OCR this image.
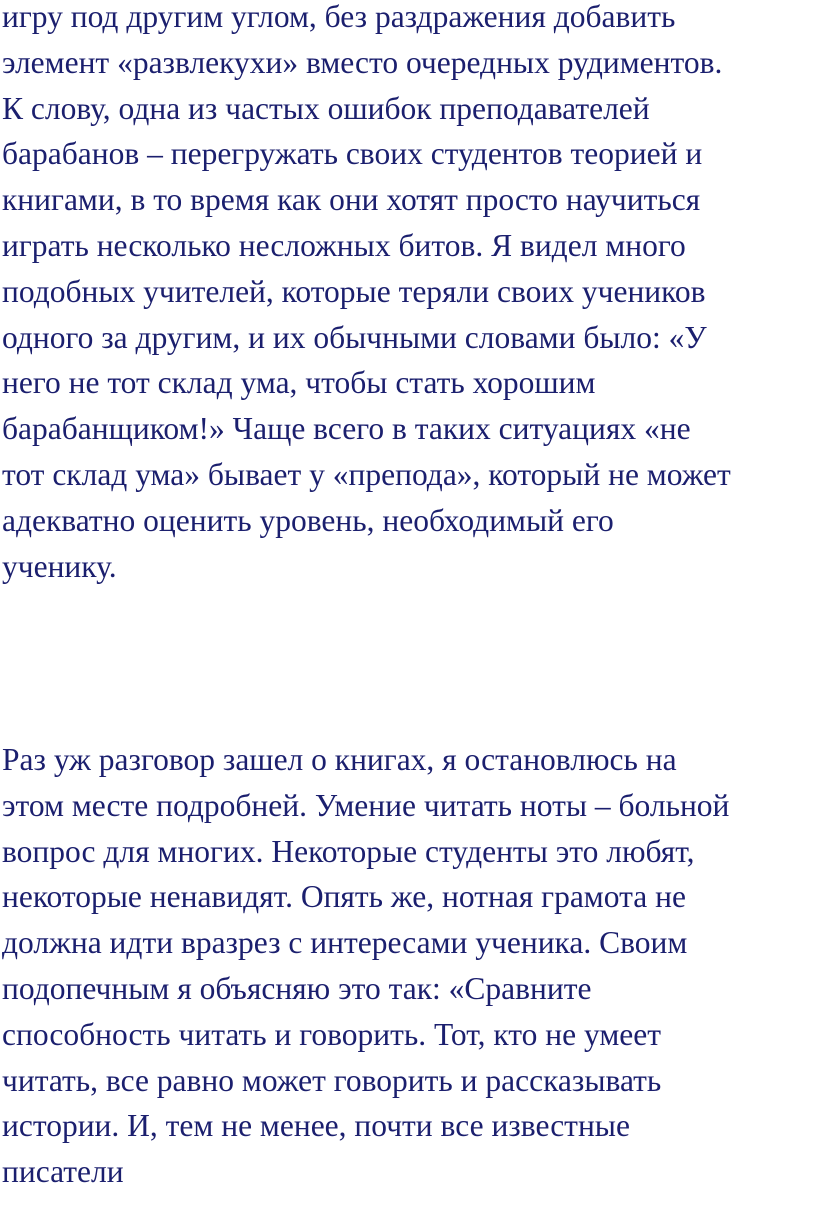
игру под другим углом, без раздражения добавить
элемент «развлекухи» вместо очередных рудиментов.
К слову, одна из частых ошибок преподавателей
барабанов – перегружать своих студентов теорией и
книгами, в то время как они хотят просто научиться
играть несколько несложных битов. Я видел много
подобных учителей, которые теряли своих учеников
одного за другим, и их обычными словами было: «У
него не тот склад ума, чтобы стать хорошим
барабанщиком!» Чаще всего в таких ситуациях «не
тот склад ума» бывает у «препода», который не может
адекватно оценить уровень, необходимый его
ученику.

Раз уж разговор зашел о книгах, я остановлюсь на
этом месте подробней. Умение читать ноты – больной
вопрос для многих. Некоторые студенты это любят,
некоторые ненавидят. Опять же, нотная грамота не
должна идти вразрез с интересами ученика. Своим
подопечным я объясняю это так: «Сравните
способность читать и говорить. Тот, кто не умеет
читать, все равно может говорить и рассказывать
истории. И, тем не менее, почти все известные
писатели
